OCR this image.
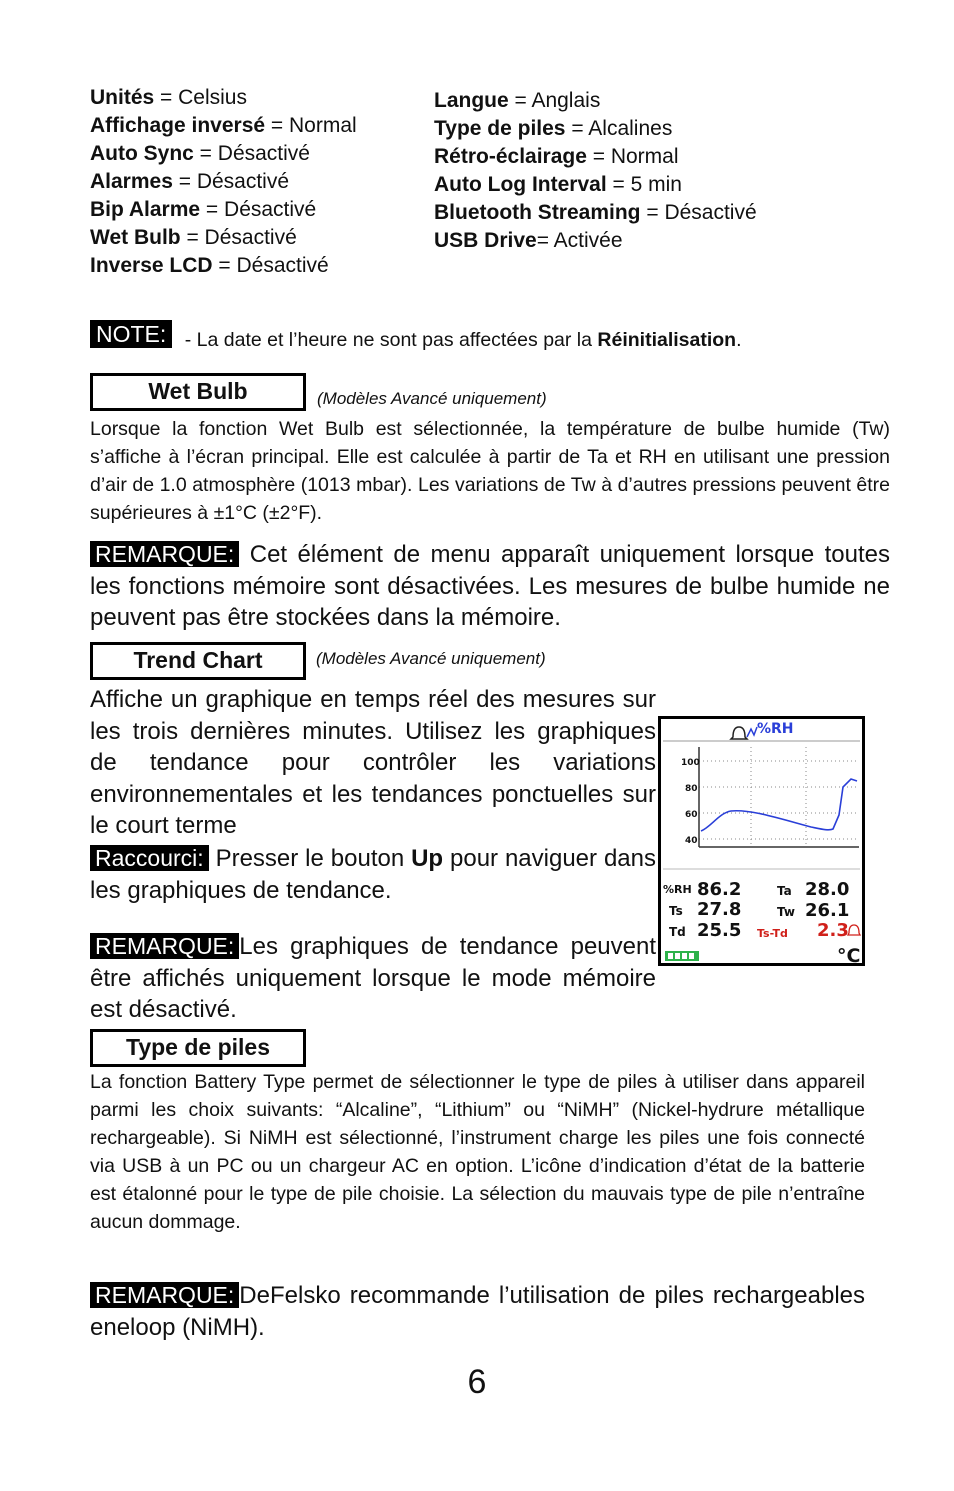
Unités = Celsius
Affichage inversé = Normal
Auto Sync = Désactivé
Alarmes = Désactivé
Bip Alarme = Désactivé
Wet Bulb = Désactivé
Inverse LCD = Désactivé
Langue = Anglais
Type de piles = Alcalines
Rétro-éclairage = Normal
Auto Log Interval = 5 min
Bluetooth Streaming = Désactivé
USB Drive= Activée
NOTE: - La date et l’heure ne sont pas affectées par la Réinitialisation.
Wet Bulb	(Modèles Avancé uniquement)
Lorsque la fonction Wet Bulb est sélectionnée, la température de bulbe humide (Tw) s’affiche à l’écran principal. Elle est calculée à partir de Ta et RH en utilisant une pression d’air de 1.0 atmosphère (1013 mbar). Les variations de Tw à d’autres pressions peuvent être supérieures à ±1°C (±2°F).
REMARQUE: Cet élément de menu apparaît uniquement lorsque toutes les fonctions mémoire sont désactivées. Les mesures de bulbe humide ne peuvent pas être stockées dans la mémoire.
Trend Chart	(Modèles Avancé uniquement)
Affiche un graphique en temps réel des mesures sur les trois dernières minutes. Utilisez les graphiques de tendance pour contrôler les variations environnementales et les tendances ponctuelles sur le court terme
Raccourci: Presser le bouton Up pour naviguer dans les graphiques de tendance.
REMARQUE: Les graphiques de tendance peuvent être affichés uniquement lorsque le mode mémoire est désactivé.
%RH
100
80
60
40
%RH 86.2	Ta 28.0
Ts 27.8	Tw 26.1
Td 25.5 Ts-Td 2.3
°C
Type de piles
La fonction Battery Type permet de sélectionner le type de piles à utiliser dans appareil parmi les choix suivants: “Alcaline”, “Lithium” ou “NiMH” (Nickel-hydrure métallique rechargeable). Si NiMH est sélectionné, l’instrument charge les piles une fois connecté via USB à un PC ou un chargeur AC en option. L’icône d’indication d’état de la batterie est étalonné pour le type de pile choisie. La sélection du mauvais type de pile n’entraîne aucun dommage.
REMARQUE: DeFelsko recommande l’utilisation de piles rechargeables eneloop (NiMH).
6
